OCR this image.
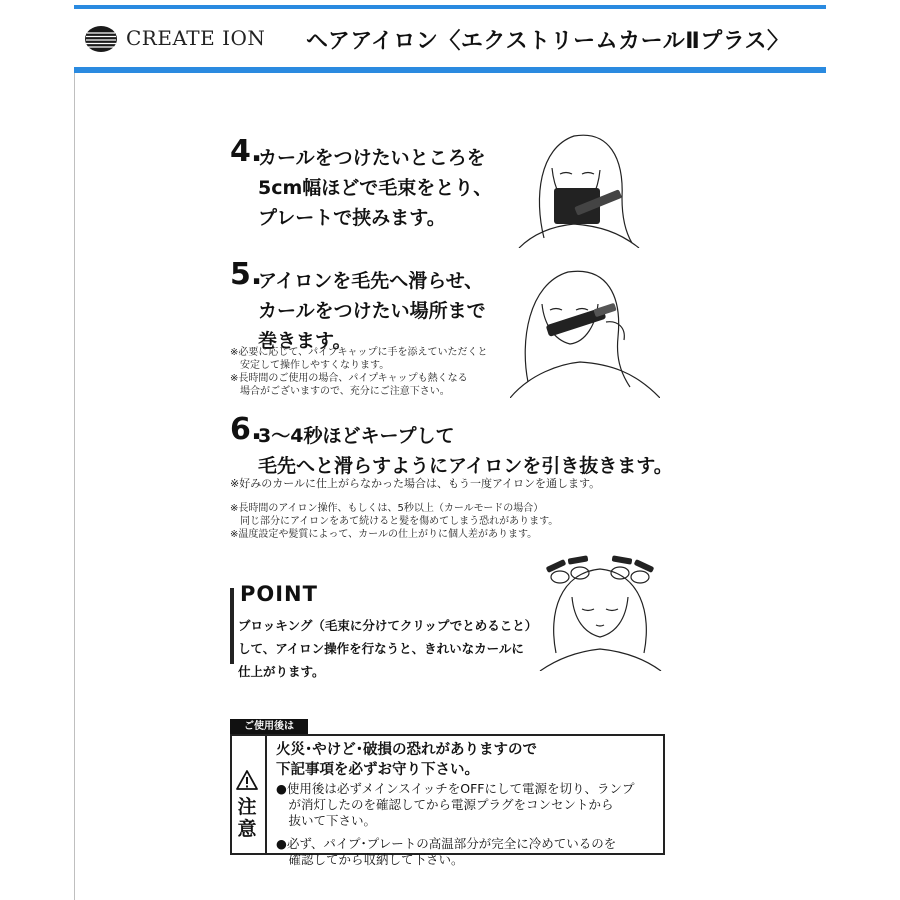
CREATE ION ヘアアイロン〈エクストリームカールⅡプラス〉
4.
カールをつけたいところを
5cm幅ほどで毛束をとり、
プレートで挟みます。
5.
アイロンを毛先へ滑らせ、
カールをつけたい場所まで
巻きます。
※必要に応じて、パイプキャップに手を添えていただくと
　安定して操作しやすくなります。
※長時間のご使用の場合、パイプキャップも熱くなる
　場合がございますので、充分にご注意下さい。
6.
3～4秒ほどキープして
毛先へと滑らすようにアイロンを引き抜きます。
※好みのカールに仕上がらなかった場合は、もう一度アイロンを通します。
※長時間のアイロン操作、もしくは、5秒以上（カールモードの場合）
　同じ部分にアイロンをあて続けると髪を傷めてしまう恐れがあります。
※温度設定や髪質によって、カールの仕上がりに個人差があります。
POINT
ブロッキング（毛束に分けてクリップでとめること）
して、アイロン操作を行なうと、きれいなカールに
仕上がります。
ご使用後は
注意
火災･やけど･破損の恐れがありますので
下記事項を必ずお守り下さい。
●使用後は必ずメインスイッチをOFFにして電源を切り、ランプ
　が消灯したのを確認してから電源プラグをコンセントから
　抜いて下さい。
●必ず、パイプ･プレートの高温部分が完全に冷めているのを
　確認してから収納して下さい。
